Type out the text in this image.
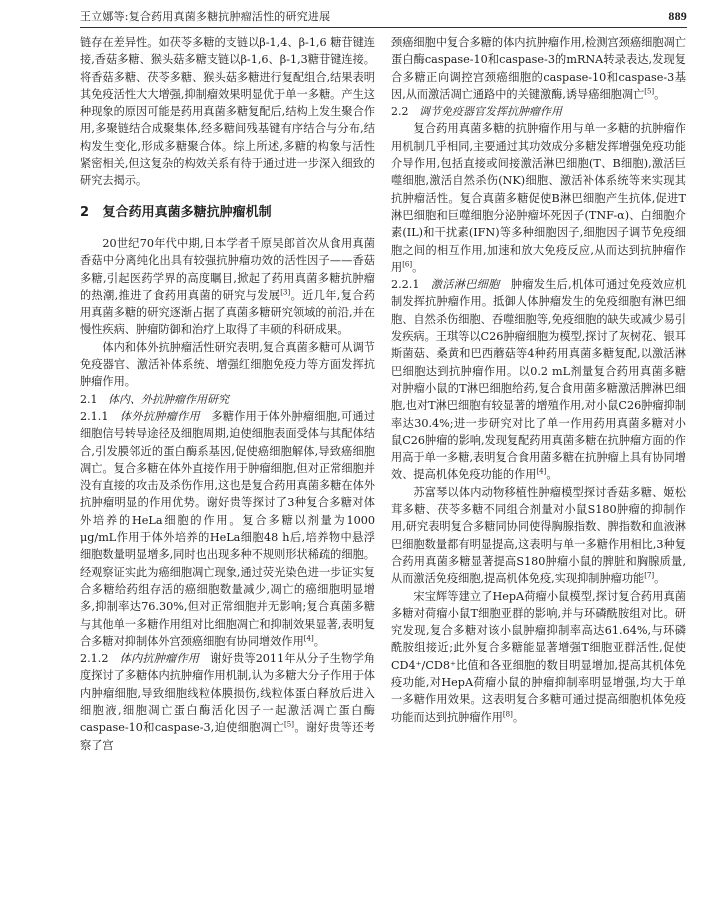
王立娜等:复合药用真菌多糖抗肿瘤活性的研究进展	889

链存在差异性。如茯苓多糖的支链以β-1,4、β-1,6 糖苷键连接,香菇多糖、猴头菇多糖支链以β-1,6、β-1,3糖苷键连接。将香菇多糖、茯苓多糖、猴头菇多糖进行复配组合,结果表明其免疫活性大大增强,抑制瘤效果明显优于单一多糖。产生这种现象的原因可能是药用真菌多糖复配后,结构上发生聚合作用,多聚链结合成聚集体,经多糖间残基键有序结合与分布,结构发生变化,形成多糖聚合体。综上所述,多糖的构象与活性紧密相关,但这复杂的构效关系有待于通过进一步深入细致的研究去揭示。

2 复合药用真菌多糖抗肿瘤机制

20世纪70年代中期,日本学者千原吴郎首次从食用真菌香菇中分离纯化出具有较强抗肿瘤功效的活性因子——香菇多糖,引起医药学界的高度瞩目,掀起了药用真菌多糖抗肿瘤的热潮,推进了食药用真菌的研究与发展[3]。近几年,复合药用真菌多糖的研究逐渐占据了真菌多糖研究领域的前沿,并在慢性疾病、肿瘤防御和治疗上取得了丰硕的科研成果。

体内和体外抗肿瘤活性研究表明,复合真菌多糖可从调节免疫器官、激活补体系统、增强红细胞免疫力等方面发挥抗肿瘤作用。

2.1 体内、外抗肿瘤作用研究

2.1.1 体外抗肿瘤作用 多糖作用于体外肿瘤细胞,可通过细胞信号转导途径及细胞周期,迫使细胞表面受体与其配体结合,引发膜邻近的蛋白酶系基因,促使癌细胞解体,导致癌细胞凋亡。复合多糖在体外直接作用于肿瘤细胞,但对正常细胞并没有直接的攻击及杀伤作用,这也是复合药用真菌多糖在体外抗肿瘤明显的作用优势。谢好贵等探讨了3种复合多糖对体外培养的HeLa细胞的作用。复合多糖以剂量为1000 μg/mL作用于体外培养的HeLa细胞48 h后,培养物中悬浮细胞数量明显增多,同时也出现多种不规则形状稀疏的细胞。经观察证实此为癌细胞凋亡现象,通过荧光染色进一步证实复合多糖给药组存活的癌细胞数量减少,凋亡的癌细胞明显增多,抑制率达76.30%,但对正常细胞并无影响;复合真菌多糖与其他单一多糖作用组对比细胞凋亡和抑制效果显著,表明复合多糖对抑制体外宫颈癌细胞有协同增效作用[4]。

2.1.2 体内抗肿瘤作用 谢好贵等2011年从分子生物学角度探讨了多糖体内抗肿瘤作用机制,认为多糖大分子作用于体内肿瘤细胞,导致细胞线粒体膜损伤,线粒体蛋白释放后进入细胞液,细胞凋亡蛋白酶活化因子一起激活凋亡蛋白酶caspase-10和caspase-3,迫使细胞凋亡[5]。谢好贵等还考察了宫

颈癌细胞中复合多糖的体内抗肿瘤作用,检测宫颈癌细胞凋亡蛋白酶caspase-10和caspase-3的mRNA转录表达,发现复合多糖正向调控宫颈癌细胞的caspase-10和caspase-3基因,从而激活凋亡通路中的关键激酶,诱导癌细胞凋亡[5]。

2.2 调节免疫器官发挥抗肿瘤作用

复合药用真菌多糖的抗肿瘤作用与单一多糖的抗肿瘤作用机制几乎相同,主要通过其功效成分多糖发挥增强免疫功能介导作用,包括直接或间接激活淋巴细胞(T、B细胞),激活巨噬细胞,激活自然杀伤(NK)细胞、激活补体系统等来实现其抗肿瘤活性。复合真菌多糖促使B淋巴细胞产生抗体,促进T淋巴细胞和巨噬细胞分泌肿瘤坏死因子(TNF-α)、白细胞介素(IL)和干扰素(IFN)等多种细胞因子,细胞因子调节免疫细胞之间的相互作用,加速和放大免疫反应,从而达到抗肿瘤作用[6]。

2.2.1 激活淋巴细胞 肿瘤发生后,机体可通过免疫效应机制发挥抗肿瘤作用。抵御人体肿瘤发生的免疫细胞有淋巴细胞、自然杀伤细胞、吞噬细胞等,免疫细胞的缺失或减少易引发疾病。王琪等以C26肿瘤细胞为模型,探讨了灰树花、银耳斯菌菇、桑黄和巴西蘑菇等4种药用真菌多糖复配,以激活淋巴细胞达到抗肿瘤作用。以0.2 mL剂量复合药用真菌多糖对肿瘤小鼠的T淋巴细胞给药,复合食用菌多糖激活脾淋巴细胞,也对T淋巴细胞有较显著的增殖作用,对小鼠C26肿瘤抑制率达30.4%;进一步研究对比了单一作用药用真菌多糖对小鼠C26肿瘤的影响,发现复配药用真菌多糖在抗肿瘤方面的作用高于单一多糖,表明复合食用菌多糖在抗肿瘤上具有协同增效、提高机体免疫功能的作用[4]。

苏富琴以体内动物移植性肿瘤模型探讨香菇多糖、姬松茸多糖、茯苓多糖不同组合剂量对小鼠S180肿瘤的抑制作用,研究表明复合多糖同协同使得胸腺指数、脾指数和血液淋巴细胞数量都有明显提高,这表明与单一多糖作用相比,3种复合药用真菌多糖显著提高S180肿瘤小鼠的脾脏和胸腺质量,从而激活免疫细胞,提高机体免疫,实现抑制肿瘤功能[7]。

宋宝辉等建立了HepA荷瘤小鼠模型,探讨复合药用真菌多糖对荷瘤小鼠T细胞亚群的影响,并与环磷酰胺组对比。研究发现,复合多糖对该小鼠肿瘤抑制率高达61.64%,与环磷酰胺组接近;此外复合多糖能显著增强T细胞亚群活性,促使CD4⁺/CD8⁺比值和各亚细胞的数目明显增加,提高其机体免疫功能,对HepA荷瘤小鼠的肿瘤抑制率明显增强,均大于单一多糖作用效果。这表明复合多糖可通过提高细胞机体免疫功能而达到抗肿瘤作用[8]。
